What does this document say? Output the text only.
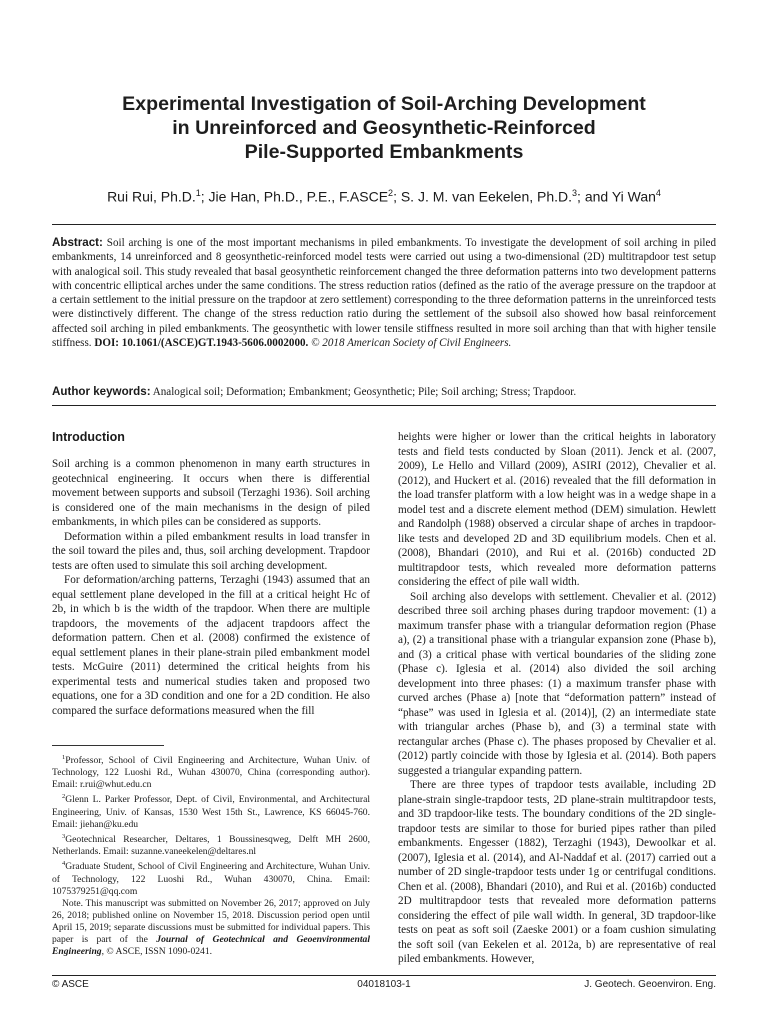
Experimental Investigation of Soil-Arching Development
in Unreinforced and Geosynthetic-Reinforced
Pile-Supported Embankments
Rui Rui, Ph.D.$^1$; Jie Han, Ph.D., P.E., F.ASCE$^2$; S. J. M. van Eekelen, Ph.D.$^3$; and Yi Wan$^4$
Abstract: Soil arching is one of the most important mechanisms in piled embankments. To investigate the development of soil arching in piled embankments, 14 unreinforced and 8 geosynthetic-reinforced model tests were carried out using a two-dimensional (2D) multitrapdoor test setup with analogical soil. This study revealed that basal geosynthetic reinforcement changed the three deformation patterns into two development patterns with concentric elliptical arches under the same conditions. The stress reduction ratios (defined as the ratio of the average pressure on the trapdoor at a certain settlement to the initial pressure on the trapdoor at zero settlement) corresponding to the three deformation patterns in the unreinforced tests were distinctively different. The change of the stress reduction ratio during the settlement of the subsoil also showed how basal reinforcement affected soil arching in piled embankments. The geosynthetic with lower tensile stiffness resulted in more soil arching than that with higher tensile stiffness. DOI: 10.1061/(ASCE)GT.1943-5606.0002000. © 2018 American Society of Civil Engineers.
Author keywords: Analogical soil; Deformation; Embankment; Geosynthetic; Pile; Soil arching; Stress; Trapdoor.
Introduction

Soil arching is a common phenomenon in many earth structures in geotechnical engineering. It occurs when there is differential movement between supports and subsoil (Terzaghi 1936). Soil arching is considered one of the main mechanisms in the design of piled embankments, in which piles can be considered as supports.

Deformation within a piled embankment results in load transfer in the soil toward the piles and, thus, soil arching development. Trapdoor tests are often used to simulate this soil arching development.

For deformation/arching patterns, Terzaghi (1943) assumed that an equal settlement plane developed in the fill at a critical height Hc of 2b, in which b is the width of the trapdoor. When there are multiple trapdoors, the movements of the adjacent trapdoors affect the deformation pattern. Chen et al. (2008) confirmed the existence of equal settlement planes in their plane-strain piled embankment model tests. McGuire (2011) determined the critical heights from his experimental tests and numerical studies taken and proposed two equations, one for a 3D condition and one for a 2D condition. He also compared the surface deformations measured when the fill

heights were higher or lower than the critical heights in laboratory tests and field tests conducted by Sloan (2011). Jenck et al. (2007, 2009), Le Hello and Villard (2009), ASIRI (2012), Chevalier et al. (2012), and Huckert et al. (2016) revealed that the fill deformation in the load transfer platform with a low height was in a wedge shape in a model test and a discrete element method (DEM) simulation. Hewlett and Randolph (1988) observed a circular shape of arches in trapdoor-like tests and developed 2D and 3D equilibrium models. Chen et al. (2008), Bhandari (2010), and Rui et al. (2016b) conducted 2D multitrapdoor tests, which revealed more deformation patterns considering the effect of pile wall width.

Soil arching also develops with settlement. Chevalier et al. (2012) described three soil arching phases during trapdoor movement: (1) a maximum transfer phase with a triangular deformation region (Phase a), (2) a transitional phase with a triangular expansion zone (Phase b), and (3) a critical phase with vertical boundaries of the sliding zone (Phase c). Iglesia et al. (2014) also divided the soil arching development into three phases: (1) a maximum transfer phase with curved arches (Phase a) [note that “deformation pattern” instead of “phase” was used in Iglesia et al. (2014)], (2) an intermediate state with triangular arches (Phase b), and (3) a terminal state with rectangular arches (Phase c). The phases proposed by Chevalier et al. (2012) partly coincide with those by Iglesia et al. (2014). Both papers suggested a triangular expanding pattern.

There are three types of trapdoor tests available, including 2D plane-strain single-trapdoor tests, 2D plane-strain multitrapdoor tests, and 3D trapdoor-like tests. The boundary conditions of the 2D single-trapdoor tests are similar to those for buried pipes rather than piled embankments. Engesser (1882), Terzaghi (1943), Dewoolkar et al. (2007), Iglesia et al. (2014), and Al-Naddaf et al. (2017) carried out a number of 2D single-trapdoor tests under 1g or centrifugal conditions. Chen et al. (2008), Bhandari (2010), and Rui et al. (2016b) conducted 2D multitrapdoor tests that revealed more deformation patterns considering the effect of pile wall width. In general, 3D trapdoor-like tests on peat as soft soil (Zaeske 2001) or a foam cushion simulating the soft soil (van Eekelen et al. 2012a, b) are representative of real piled embankments. However,

$^1$Professor, School of Civil Engineering and Architecture, Wuhan Univ. of Technology, 122 Luoshi Rd., Wuhan 430070, China (corresponding author). Email: r.rui@whut.edu.cn

$^2$Glenn L. Parker Professor, Dept. of Civil, Environmental, and Architectural Engineering, Univ. of Kansas, 1530 West 15th St., Lawrence, KS 66045-760. Email: jiehan@ku.edu

$^3$Geotechnical Researcher, Deltares, 1 Boussinesqweg, Delft MH 2600, Netherlands. Email: suzanne.vaneekelen@deltares.nl

$^4$Graduate Student, School of Civil Engineering and Architecture, Wuhan Univ. of Technology, 122 Luoshi Rd., Wuhan 430070, China. Email: 1075379251@qq.com

Note. This manuscript was submitted on November 26, 2017; approved on July 26, 2018; published online on November 15, 2018. Discussion period open until April 15, 2019; separate discussions must be submitted for individual papers. This paper is part of the Journal of Geotechnical and Geoenvironmental Engineering, © ASCE, ISSN 1090-0241.

© ASCE	04018103-1	J. Geotech. Geoenviron. Eng.
